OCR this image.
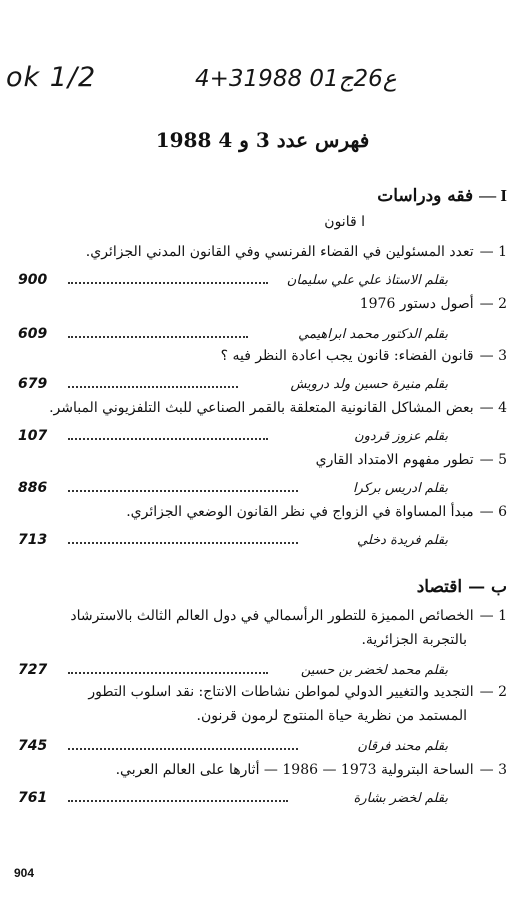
ok 1/2	4+3ع26ج01 1988
فهرس عدد 3 و 4 1988
I —فقه ودراسات
ا قانون
1 —تعدد المسئولين في القضاء الفرنسي وفي القانون المدني الجزائري.
900	بقلم الاستاذ علي علي سليمان
2 —أصول دستور 1976
609	بقلم الدكتور محمد ابراهيمي
3 —قانون الفضاء: قانون يجب اعادة النظر فيه ؟
679	بقلم منيرة حسين ولد درويش
4 —بعض المشاكل القانونية المتعلقة بالقمر الصناعي للبث التلفزيوني المباشر.
107	بقلم عزوز قردون
5 —تطور مفهوم الامتداد القاري
886	بقلم ادريس بركرا
6 —مبدأ المساواة في الزواج في نظر القانون الوضعي الجزائري.
713	بقلم فريدة دخلي
ب — اقتصاد
1 —الخصائص المميزة للتطور الرأسمالي في دول العالم الثالث بالاسترشاد
بالتجربة الجزائرية.
727	بقلم محمد لخضر بن حسين
2 —التجديد والتغيير الدولي لمواطن نشاطات الانتاج: نقد اسلوب التطور
المستمد من نظرية حياة المنتوج لرمون قرنون.
745	بقلم محند فرقان
3 —الساحة البترولية 1973 — 1986 — أثارها على العالم العربي.
761	بقلم لخضر بشارة
904
